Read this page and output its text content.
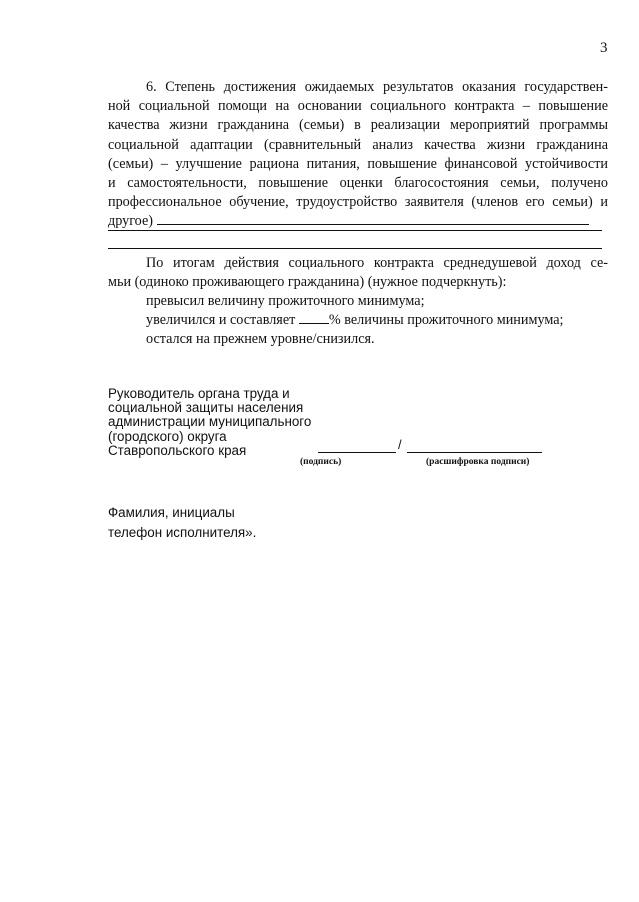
3
6. Степень достижения ожидаемых результатов оказания государствен-
ной социальной помощи на основании социального контракта – повышение
качества жизни гражданина (семьи) в реализации мероприятий программы
социальной адаптации (сравнительный анализ качества жизни гражданина
(семьи) – улучшение рациона питания, повышение финансовой устойчивости
и самостоятельности, повышение оценки благосостояния семьи, получено
профессиональное обучение, трудоустройство заявителя (членов его семьи) и
другое)
По итогам действия социального контракта среднедушевой доход се-
мьи (одиноко проживающего гражданина) (нужное подчеркнуть):
превысил величину прожиточного минимума;
увеличился и составляет % величины прожиточного минимума;
остался на прежнем уровне/снизился.
Руководитель органа труда и
социальной защиты населения
администрации муниципального
(городского) округа
Ставропольского края	/
(подпись)	(расшифровка подписи)
Фамилия, инициалы
телефон исполнителя».
